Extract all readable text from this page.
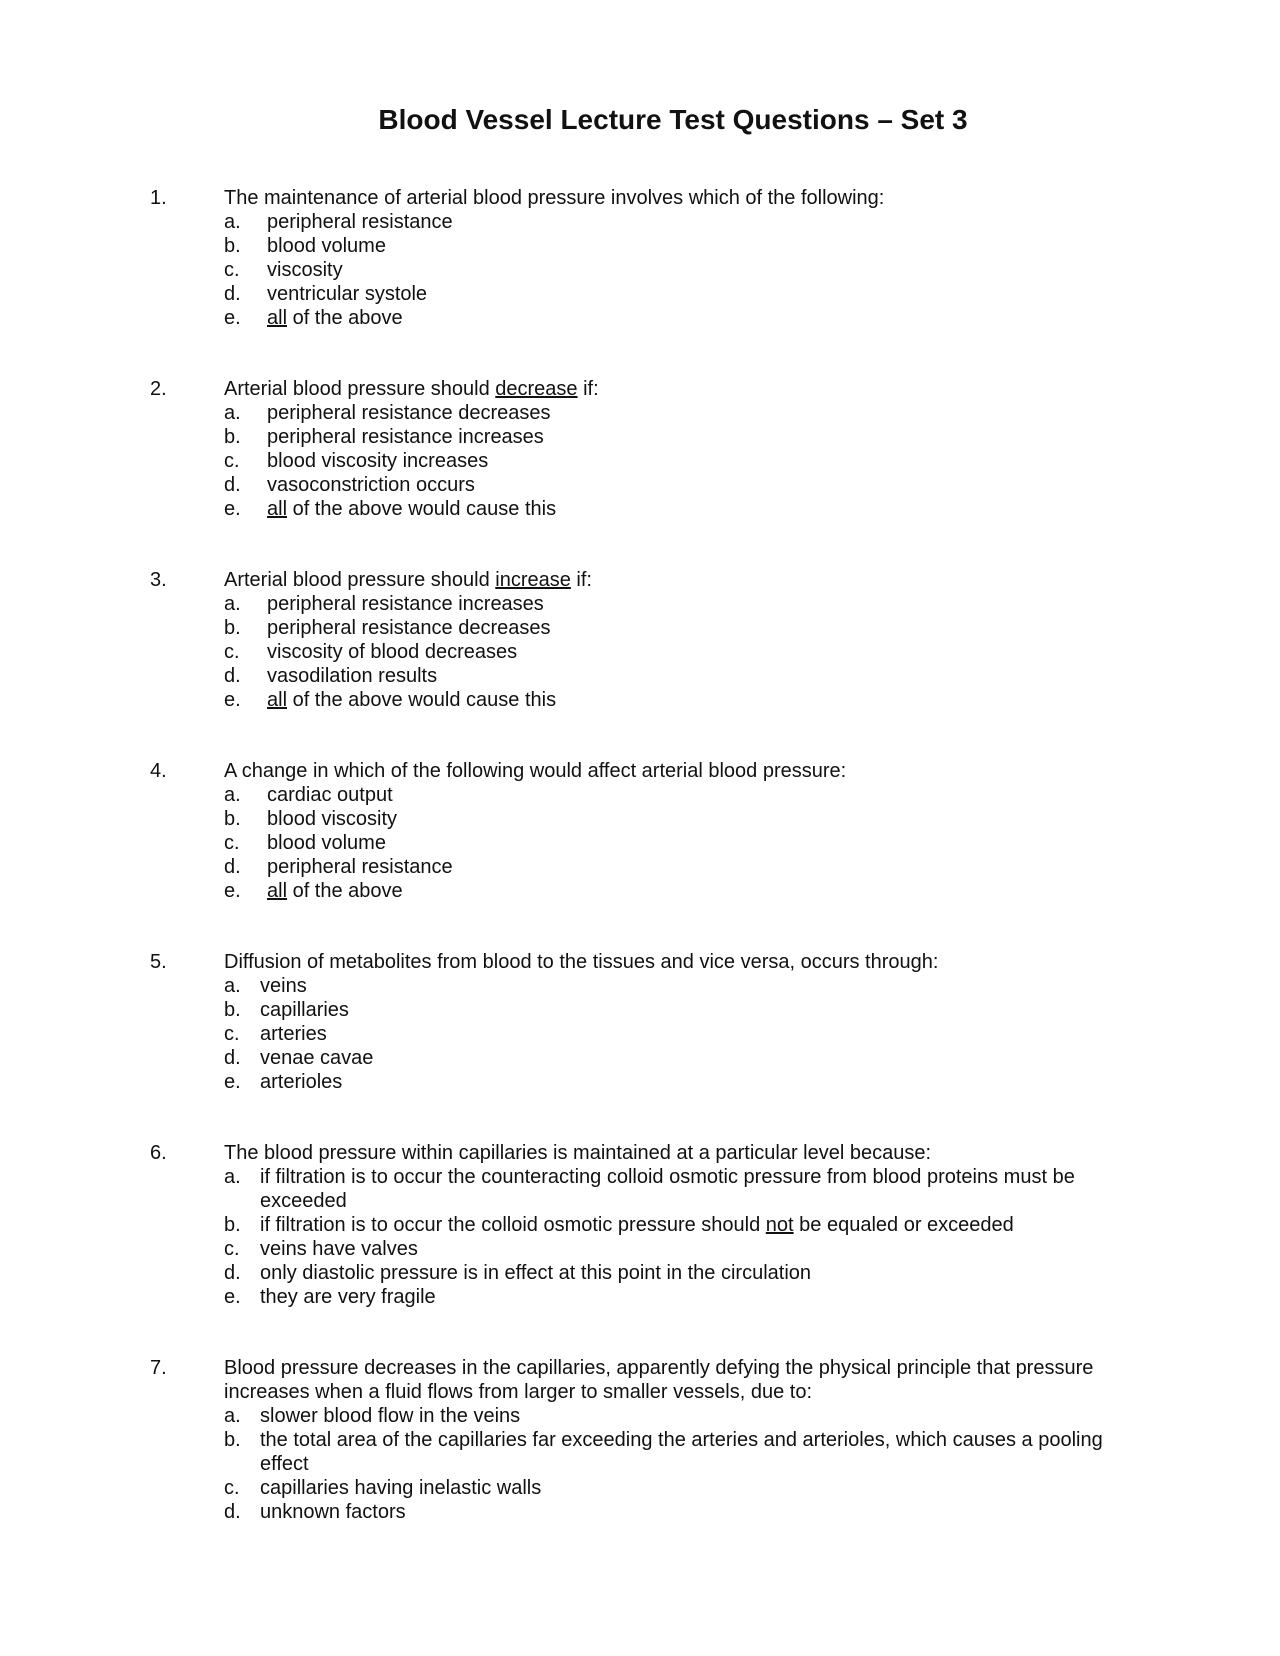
Blood Vessel Lecture Test Questions – Set 3
1.	The maintenance of arterial blood pressure involves which of the following:

a. peripheral resistance
b. blood volume
c. viscosity
d. ventricular systole
e. all of the above
2.	Arterial blood pressure should decrease if:

a. peripheral resistance decreases
b. peripheral resistance increases
c. blood viscosity increases
d. vasoconstriction occurs
e. all of the above would cause this
3.	Arterial blood pressure should increase if:

a. peripheral resistance increases
b. peripheral resistance decreases
c. viscosity of blood decreases
d. vasodilation results
e. all of the above would cause this
4.	A change in which of the following would affect arterial blood pressure:

a. cardiac output
b. blood viscosity
c. blood volume
d. peripheral resistance
e. all of the above
5.	Diffusion of metabolites from blood to the tissues and vice versa, occurs through:

a. veins
b. capillaries
c. arteries
d. venae cavae
e. arterioles
6.	The blood pressure within capillaries is maintained at a particular level because:

a. if filtration is to occur the counteracting colloid osmotic pressure from blood proteins must be exceeded
b. if filtration is to occur the colloid osmotic pressure should not be equaled or exceeded
c. veins have valves
d. only diastolic pressure is in effect at this point in the circulation
e. they are very fragile
7.	Blood pressure decreases in the capillaries, apparently defying the physical principle that pressure increases when a fluid flows from larger to smaller vessels, due to:

a. slower blood flow in the veins
b. the total area of the capillaries far exceeding the arteries and arterioles, which causes a pooling effect
c. capillaries having inelastic walls
d. unknown factors
